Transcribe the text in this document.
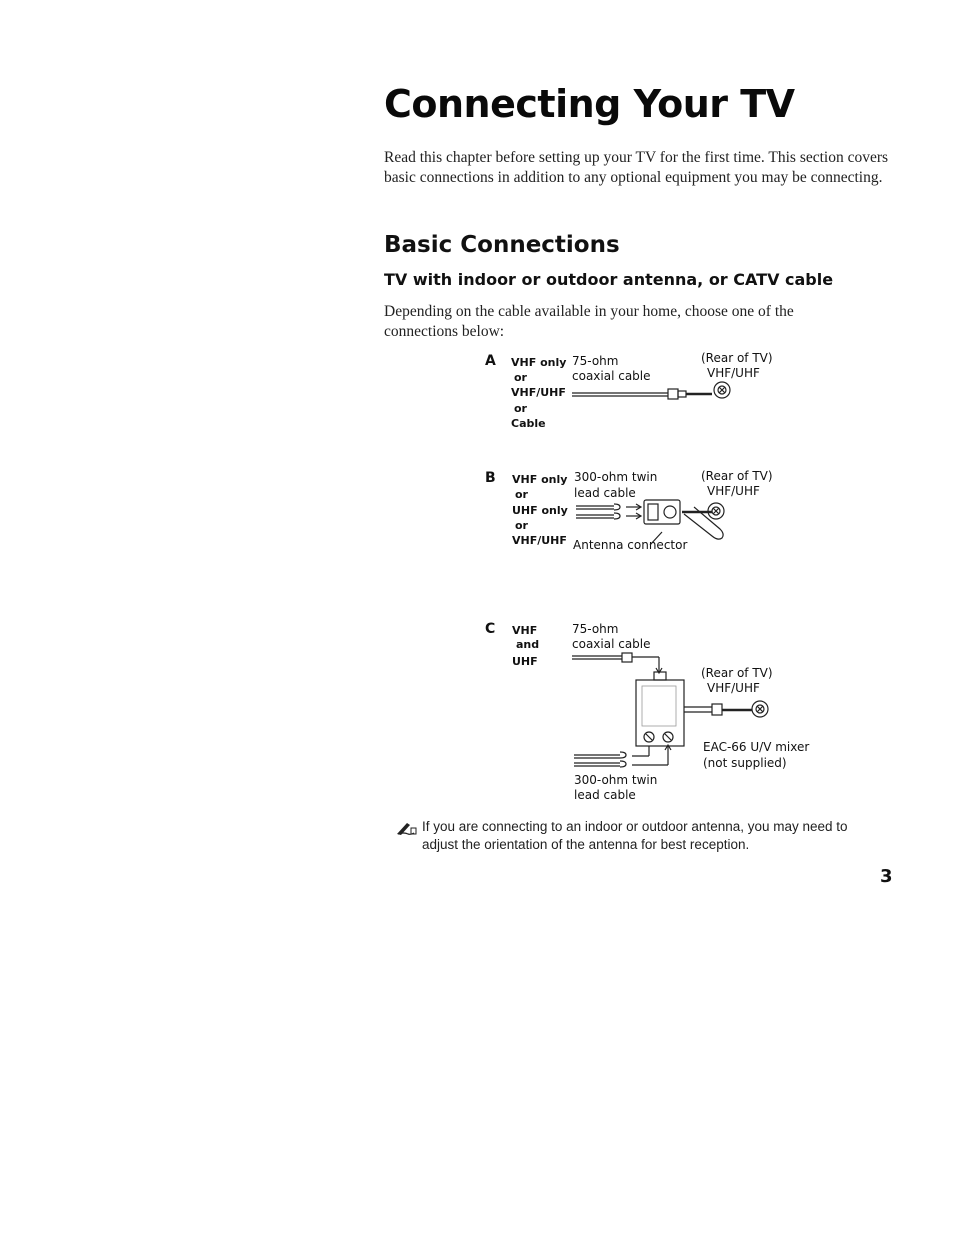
Connecting Your TV

Read this chapter before setting up your TV for the first time. This section covers basic connections in addition to any optional equipment you may be connecting.

Basic Connections
TV with indoor or outdoor antenna, or CATV cable

Depending on the cable available in your home, choose one of the connections below:

A VHF only
or
VHF/UHF
or
Cable
75-ohm
coaxial cable
(Rear of TV)
VHF/UHF
B VHF only
or
UHF only
or
VHF/UHF
300-ohm twin
lead cable
(Rear of TV)
VHF/UHF
Antenna connector
C VHF
and
UHF
75-ohm
coaxial cable
(Rear of TV)
VHF/UHF
EAC-66 U/V mixer
(not supplied)
300-ohm twin
lead cable

If you are connecting to an indoor or outdoor antenna, you may need to adjust the orientation of the antenna for best reception.

3
